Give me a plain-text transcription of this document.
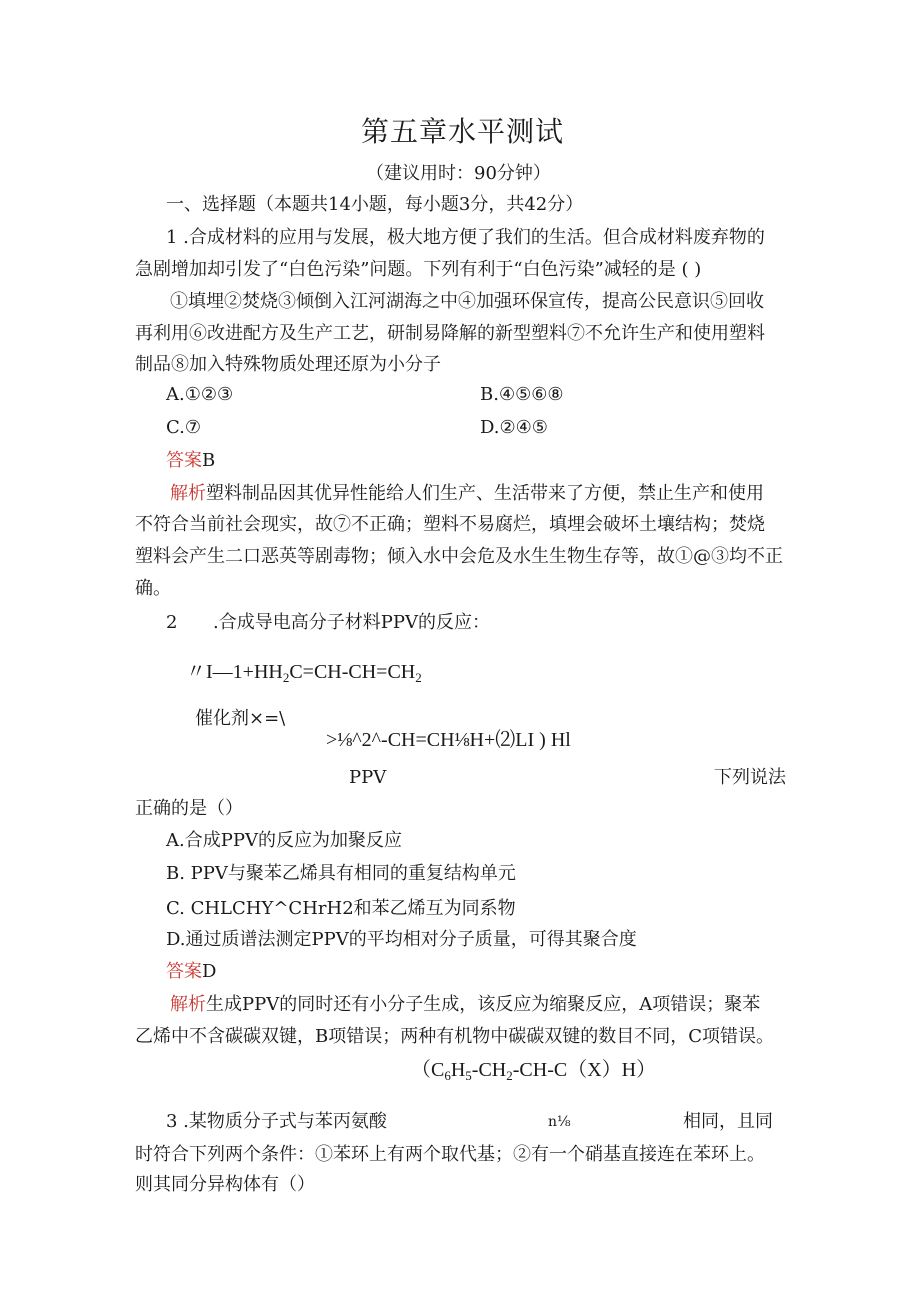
第五章水平测试
（建议用时：90分钟）
一、选择题（本题共14小题，每小题3分，共42分）
1 .合成材料的应用与发展，极大地方便了我们的生活。但合成材料废弃物的
急剧增加却引发了“白色污染”问题。下列有利于“白色污染”减轻的是 ( )
①填埋②焚烧③倾倒入江河湖海之中④加强环保宣传，提高公民意识⑤回收
再利用⑥改进配方及生产工艺，研制易降解的新型塑料⑦不允许生产和使用塑料
制品⑧加入特殊物质处理还原为小分子
A.①②③	B.④⑤⑥⑧
C.⑦	D.②④⑤
答案B
解析塑料制品因其优异性能给人们生产、生活带来了方便，禁止生产和使用
不符合当前社会现实，故⑦不正确；塑料不易腐烂，填埋会破坏土壤结构；焚烧
塑料会产生二口恶英等剧毒物；倾入水中会危及水生生物生存等，故①@③均不正
确。
2 .合成导电高分子材料PPV的反应：
〃$I—1+HH_2C=CH-CH=CH_2$
催化剂×=\
>⅛^2^-CH=CH⅛H+⑵LI ) Hl
PPV	下列说法
正确的是（）
A.合成PPV的反应为加聚反应
B. PPV与聚苯乙烯具有相同的重复结构单元
C. CHLCHY^CHrH2和苯乙烯互为同系物
D.通过质谱法测定PPV的平均相对分子质量，可得其聚合度
答案D
解析生成PPV的同时还有小分子生成，该反应为缩聚反应，A项错误；聚苯
乙烯中不含碳碳双键，B项错误；两种有机物中碳碳双键的数目不同，C项错误。
$(C_6H_5-CH_2-CH-C(X)H)$
3 .某物质分子式与苯丙氨酸	n⅛	相同，且同
时符合下列两个条件：①苯环上有两个取代基；②有一个硝基直接连在苯环上。
则其同分异构体有（）
